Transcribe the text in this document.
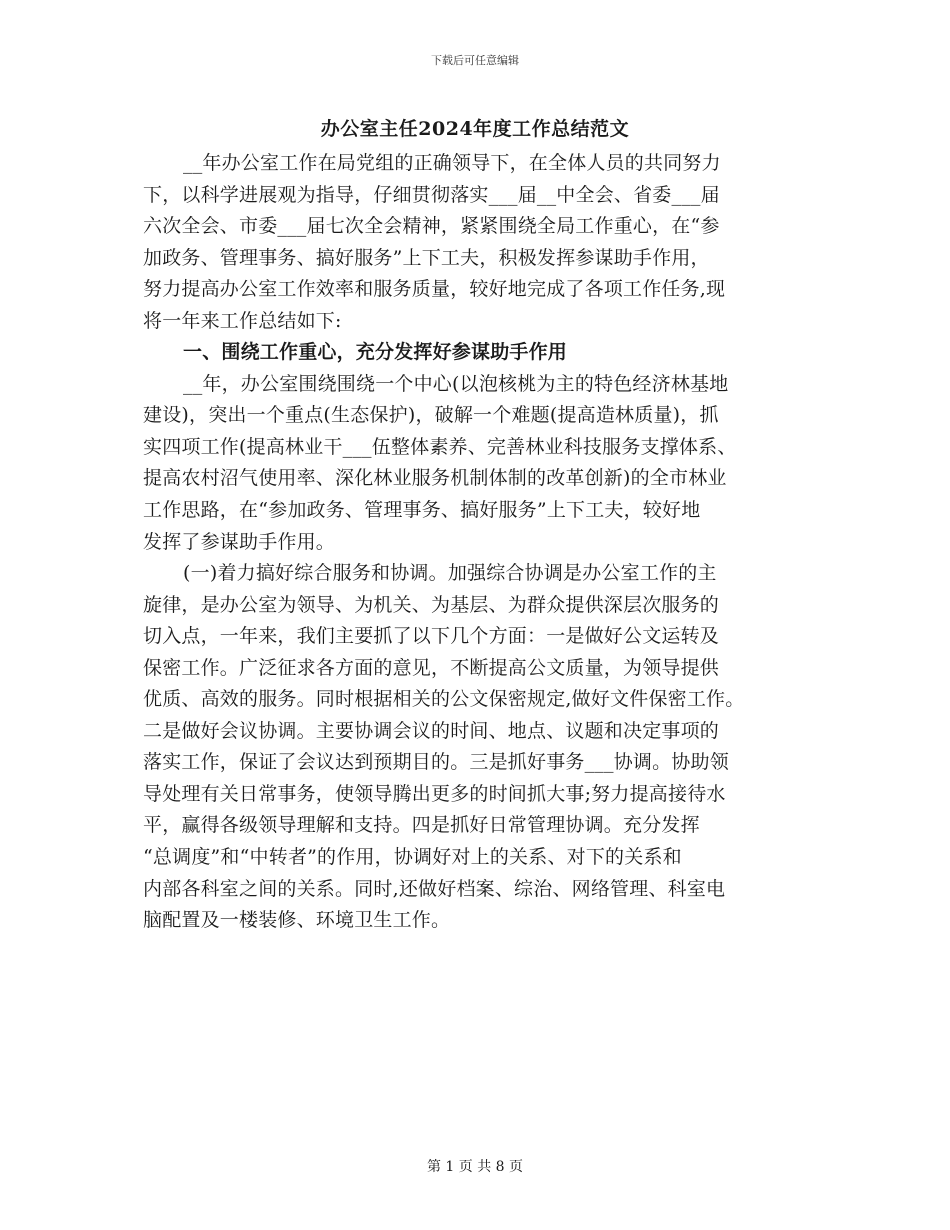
下载后可任意编辑
办公室主任2024年度工作总结范文
__年办公室工作在局党组的正确领导下，在全体人员的共同努力
下，以科学进展观为指导，仔细贯彻落实___届__中全会、省委___届
六次全会、市委___届七次全会精神，紧紧围绕全局工作重心，在“参
加政务、管理事务、搞好服务”上下工夫，积极发挥参谋助手作用，
努力提高办公室工作效率和服务质量，较好地完成了各项工作任务,现
将一年来工作总结如下:
一、围绕工作重心，充分发挥好参谋助手作用
__年，办公室围绕围绕一个中心(以泡核桃为主的特色经济林基地
建设)，突出一个重点(生态保护)，破解一个难题(提高造林质量)，抓
实四项工作(提高林业干___伍整体素养、完善林业科技服务支撑体系、
提高农村沼气使用率、深化林业服务机制体制的改革创新)的全市林业
工作思路，在“参加政务、管理事务、搞好服务”上下工夫，较好地
发挥了参谋助手作用。
(一)着力搞好综合服务和协调。加强综合协调是办公室工作的主
旋律，是办公室为领导、为机关、为基层、为群众提供深层次服务的
切入点，一年来，我们主要抓了以下几个方面：一是做好公文运转及
保密工作。广泛征求各方面的意见，不断提高公文质量，为领导提供
优质、高效的服务。同时根据相关的公文保密规定,做好文件保密工作。
二是做好会议协调。主要协调会议的时间、地点、议题和决定事项的
落实工作，保证了会议达到预期目的。三是抓好事务___协调。协助领
导处理有关日常事务，使领导腾出更多的时间抓大事;努力提高接待水
平，赢得各级领导理解和支持。四是抓好日常管理协调。充分发挥
“总调度”和“中转者”的作用，协调好对上的关系、对下的关系和
内部各科室之间的关系。同时,还做好档案、综治、网络管理、科室电
脑配置及一楼装修、环境卫生工作。
第 1 页 共 8 页
